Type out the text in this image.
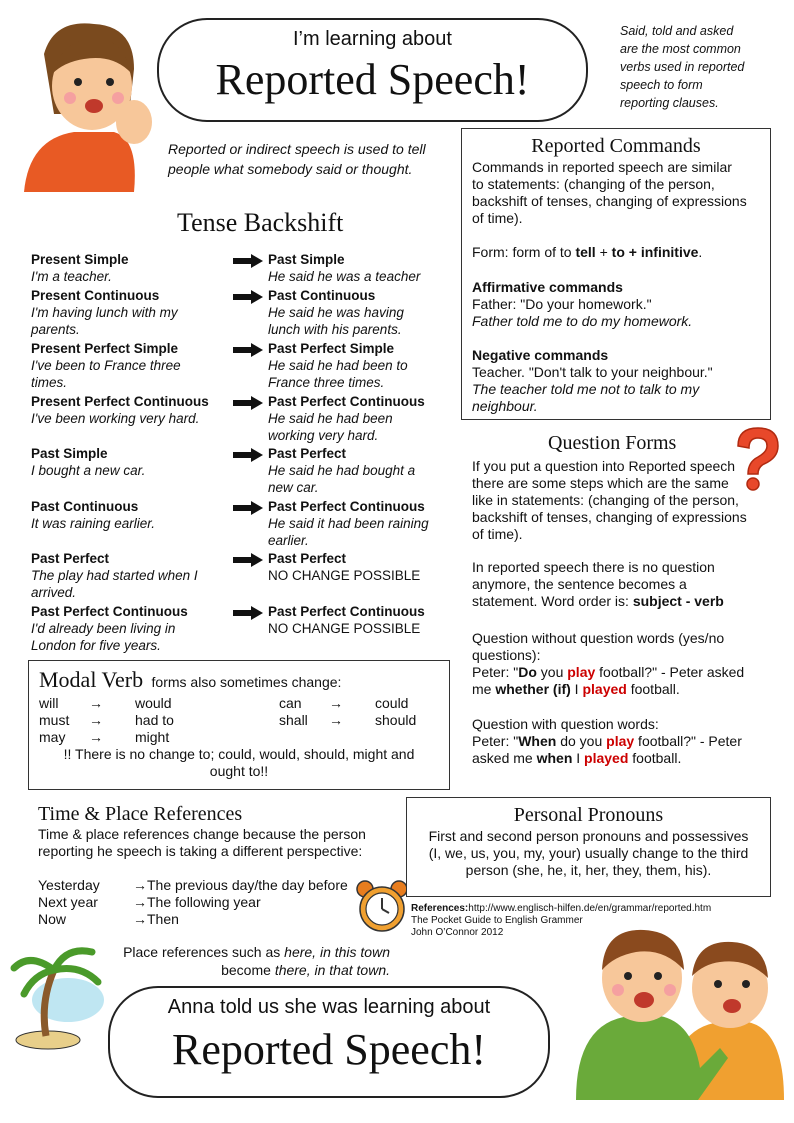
I’m learning about
Reported Speech!
Said, told and asked
are the most common
verbs used in reported
speech to form
reporting clauses.
Reported or indirect speech is used to tell
people what somebody said or thought.
Tense Backshift
Present Simple
I'm a teacher.
Past Simple
He said he was a teacher
Present Continuous
I'm having lunch with my
parents.
Past Continuous
He said he was having
lunch with his parents.
Present Perfect Simple
I've been to France three
times.
Past Perfect Simple
He said he had been to
France three times.
Present Perfect Continuous
I've been working very hard.
Past Perfect Continuous
He said he had been
working very hard.
Past Simple
I bought a new car.
Past Perfect
He said he had bought a
new car.
Past Continuous
It was raining earlier.
Past Perfect Continuous
He said it had been raining
earlier.
Past Perfect
The play had started when I
arrived.
Past Perfect
NO CHANGE POSSIBLE
Past Perfect Continuous
I'd already been living in
London for five years.
Past Perfect Continuous
NO CHANGE POSSIBLE
Modal Verb forms also sometimes change:
will → would
must → had to
may → might
can → could
shall → should
!! There is no change to; could, would, should, might and
ought to!!
Reported Commands
Commands in reported speech are similar
to statements: (changing of the person,
backshift of tenses, changing of expressions
of time).
Form: form of to tell + to + infinitive.
Affirmative commands
Father: "Do your homework."
Father told me to do my homework.
Negative commands
Teacher. "Don't talk to your neighbour."
The teacher told me not to talk to my
neighbour.
Question Forms
If you put a question into Reported speech
there are some steps which are the same
like in statements: (changing of the person,
backshift of tenses, changing of expressions
of time).
In reported speech there is no question
anymore, the sentence becomes a
statement. Word order is: subject - verb
Question without question words (yes/no
questions):
Peter: "Do you play football?" - Peter asked
me whether (if) I played football.
Question with question words:
Peter: "When do you play football?" - Peter
asked me when I played football.
Time & Place References
Time & place references change because the person
reporting he speech is taking a different perspective:
Yesterday →The previous day/the day before
Next year	→The following year
Now	→Then
Place references such as here, in this town
become there, in that town.
Personal Pronouns
First and second person pronouns and possessives
(I, we, us, you, my, your) usually change to the third
person (she, he, it, her, they, them, his).
References:http://www.englisch-hilfen.de/en/grammar/reported.htm
The Pocket Guide to English Grammer
John O’Connor 2012
Anna told us she was learning about
Reported Speech!
